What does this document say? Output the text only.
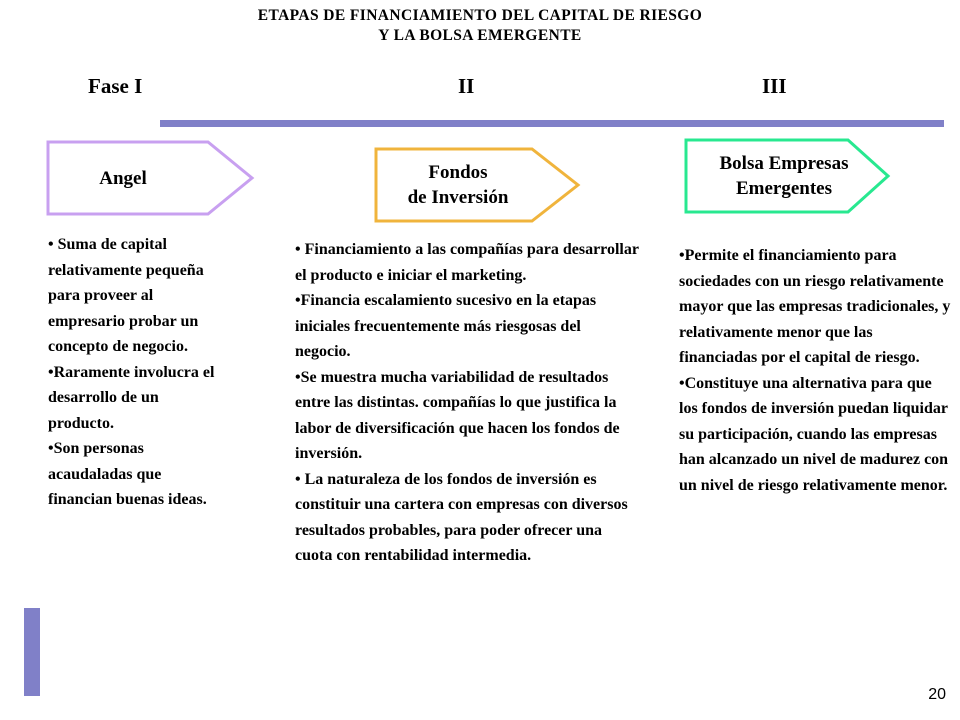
ETAPAS DE FINANCIAMIENTO DEL CAPITAL DE RIESGO
Y LA BOLSA EMERGENTE
Fase I	II	III
Angel	Fondos
de Inversión
Bolsa Empresas
Emergentes

• Suma de capital relativamente pequeña para proveer al empresario probar un concepto de negocio.

•Raramente involucra el desarrollo de un producto.

•Son personas acaudaladas que financian buenas ideas.

• Financiamiento a las compañías para desarrollar el producto e iniciar el marketing.

•Financia escalamiento sucesivo en la etapas iniciales frecuentemente más riesgosas del negocio.

•Se muestra mucha variabilidad de resultados entre las distintas. compañías lo que justifica la labor de diversificación que hacen los fondos de inversión.

• La naturaleza de los fondos de inversión es constituir una cartera con empresas con diversos resultados probables, para poder ofrecer una cuota con rentabilidad intermedia.

•Permite el financiamiento para sociedades con un riesgo relativamente mayor que las empresas tradicionales, y relativamente menor que las financiadas por el capital de riesgo.

•Constituye una alternativa para que los fondos de inversión puedan liquidar su participación, cuando las empresas han alcanzado un nivel de madurez con un nivel de riesgo relativamente menor.

20
